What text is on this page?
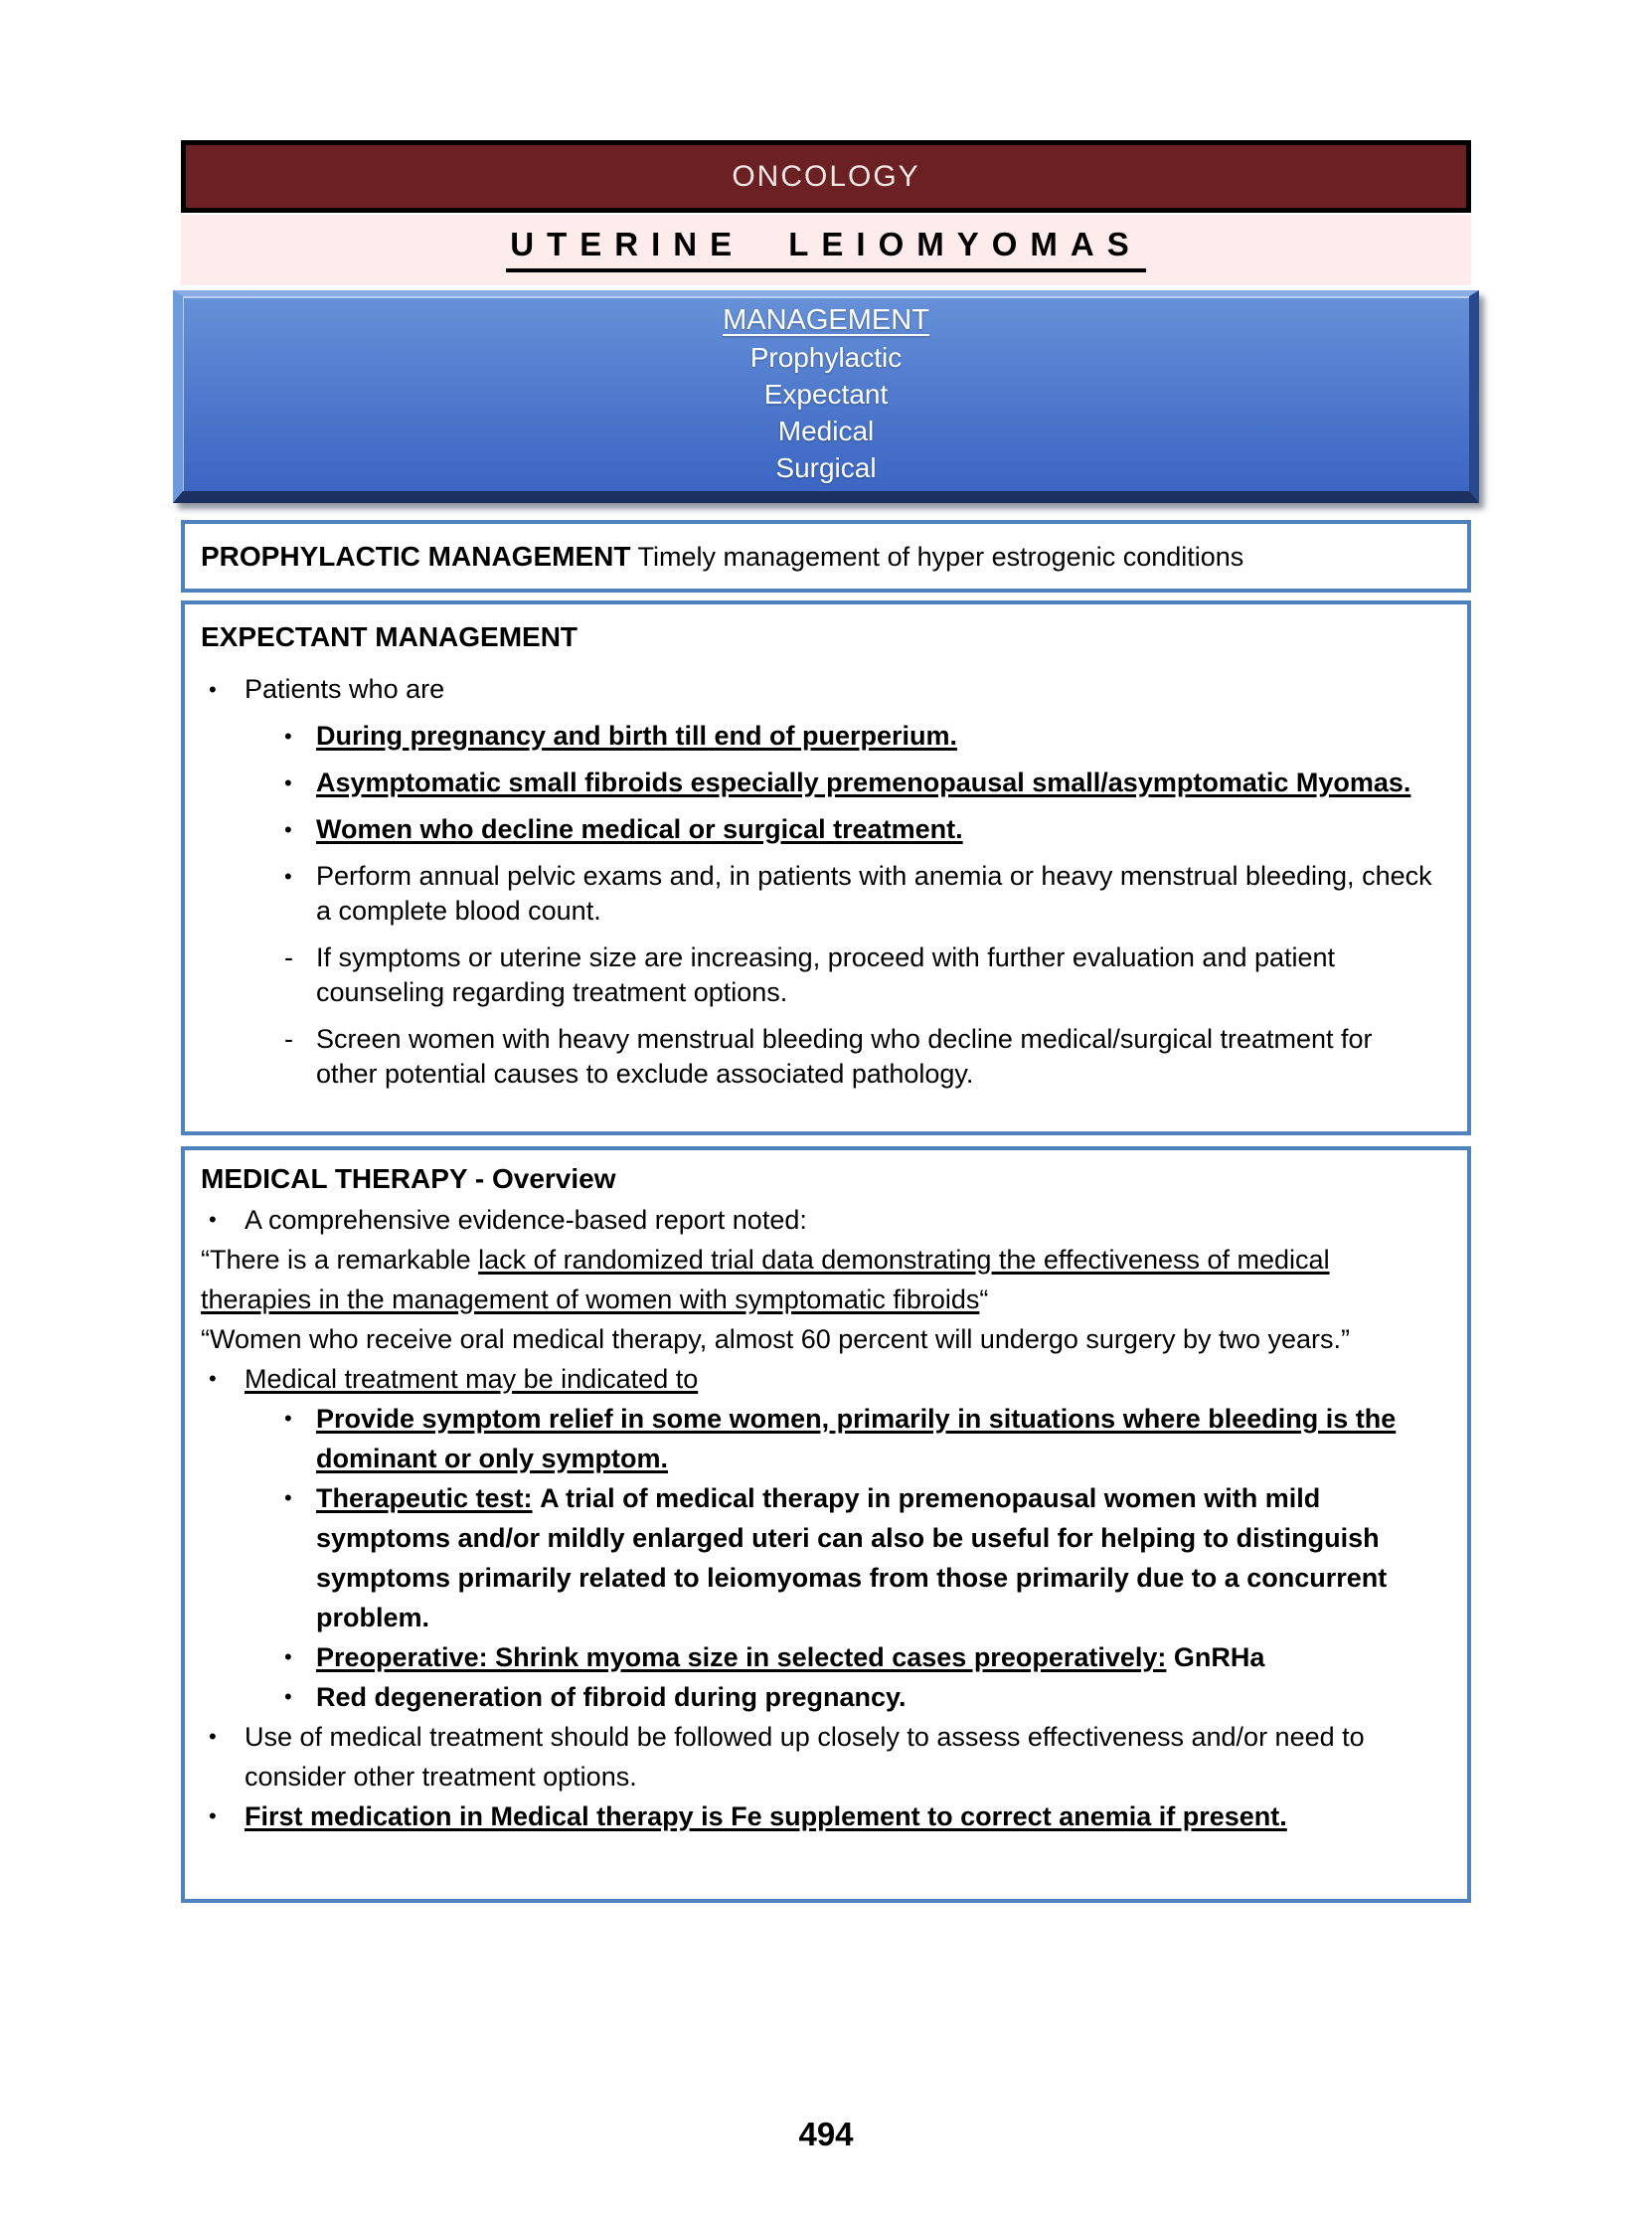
ONCOLOGY
UTERINE LEIOMYOMAS
MANAGEMENT
Prophylactic
Expectant
Medical
Surgical
PROPHYLACTIC MANAGEMENT Timely management of hyper estrogenic conditions
EXPECTANT MANAGEMENT
• Patients who are
• During pregnancy and birth till end of puerperium.
• Asymptomatic small fibroids especially premenopausal small/asymptomatic Myomas.
• Women who decline medical or surgical treatment.
• Perform annual pelvic exams and, in patients with anemia or heavy menstrual bleeding, check a complete blood count.
- If symptoms or uterine size are increasing, proceed with further evaluation and patient counseling regarding treatment options.
- Screen women with heavy menstrual bleeding who decline medical/surgical treatment for other potential causes to exclude associated pathology.
MEDICAL THERAPY - Overview
• A comprehensive evidence-based report noted:
“There is a remarkable lack of randomized trial data demonstrating the effectiveness of medical therapies in the management of women with symptomatic fibroids“
“Women who receive oral medical therapy, almost 60 percent will undergo surgery by two years.”
• Medical treatment may be indicated to
• Provide symptom relief in some women, primarily in situations where bleeding is the dominant or only symptom.
• Therapeutic test: A trial of medical therapy in premenopausal women with mild symptoms and/or mildly enlarged uteri can also be useful for helping to distinguish symptoms primarily related to leiomyomas from those primarily due to a concurrent problem.
• Preoperative: Shrink myoma size in selected cases preoperatively: GnRHa
• Red degeneration of fibroid during pregnancy.
• Use of medical treatment should be followed up closely to assess effectiveness and/or need to consider other treatment options.
• First medication in Medical therapy is Fe supplement to correct anemia if present.
494
